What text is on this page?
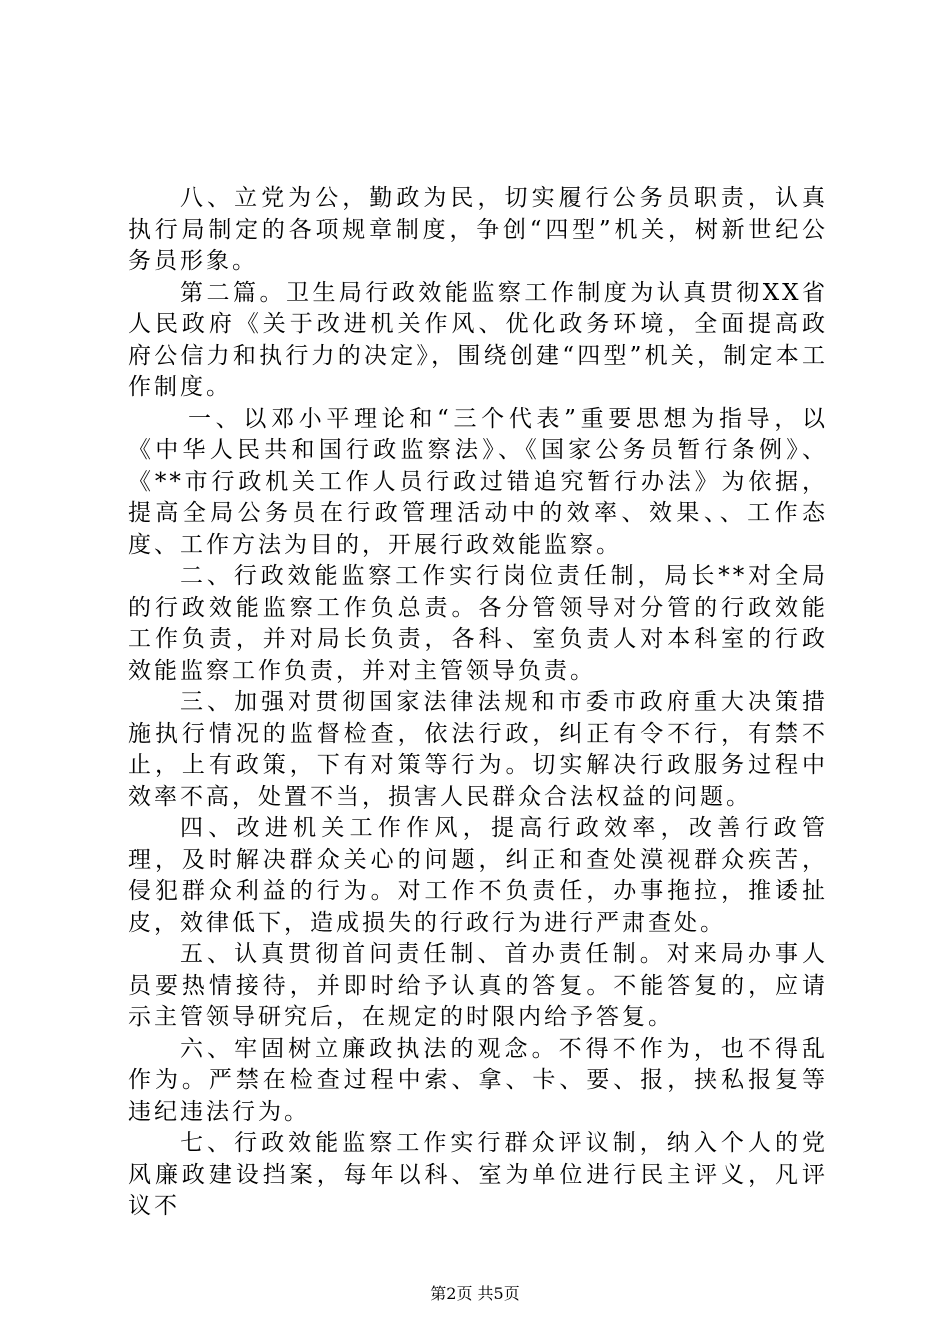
八、立党为公，勤政为民，切实履行公务员职责，认真执行局制定的各项规章制度，争创“四型”机关，树新世纪公务员形象。

第二篇。卫生局行政效能监察工作制度为认真贯彻XX省人民政府《关于改进机关作风、优化政务环境，全面提高政府公信力和执行力的决定》，围绕创建“四型”机关，制定本工作制度。

一、以邓小平理论和“三个代表”重要思想为指导，以《中华人民共和国行政监察法》、《国家公务员暂行条例》、《**市行政机关工作人员行政过错追究暂行办法》为依据，提高全局公务员在行政管理活动中的效率、效果、、工作态度、工作方法为目的，开展行政效能监察。

二、行政效能监察工作实行岗位责任制，局长**对全局的行政效能监察工作负总责。各分管领导对分管的行政效能工作负责，并对局长负责，各科、室负责人对本科室的行政效能监察工作负责，并对主管领导负责。

三、加强对贯彻国家法律法规和市委市政府重大决策措施执行情况的监督检查，依法行政，纠正有令不行，有禁不止，上有政策，下有对策等行为。切实解决行政服务过程中效率不高，处置不当，损害人民群众合法权益的问题。

四、改进机关工作作风，提高行政效率，改善行政管理，及时解决群众关心的问题，纠正和查处漠视群众疾苦，侵犯群众利益的行为。对工作不负责任，办事拖拉，推诿扯皮，效律低下，造成损失的行政行为进行严肃查处。

五、认真贯彻首问责任制、首办责任制。对来局办事人员要热情接待，并即时给予认真的答复。不能答复的，应请示主管领导研究后，在规定的时限内给予答复。

六、牢固树立廉政执法的观念。不得不作为，也不得乱作为。严禁在检查过程中索、拿、卡、要、报，挟私报复等违纪违法行为。

七、行政效能监察工作实行群众评议制，纳入个人的党风廉政建设挡案，每年以科、室为单位进行民主评义，凡评议不

第2页 共5页
